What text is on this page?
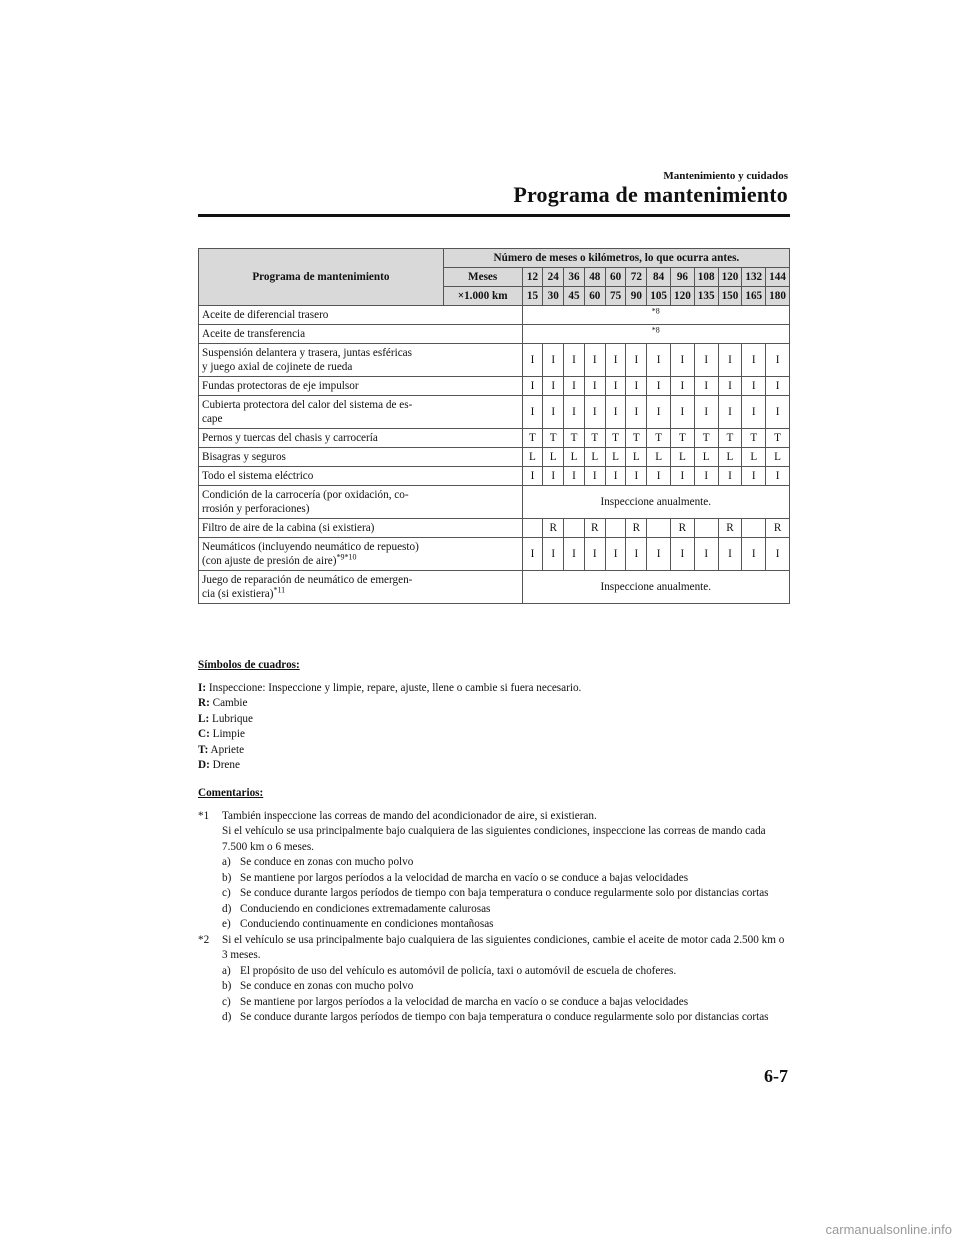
Mantenimiento y cuidados
Programa de mantenimiento
Programa de mantenimiento	Número de meses o kilómetros, lo que ocurra antes.												
	Meses	12	24	36	48	60	72	84	96	108	120	132	144
	×1.000 km	15	30	45	60	75	90	105	120	135	150	165	180
Aceite de diferencial trasero		$^{*8}$
Aceite de transferencia		$^{*8}$
Suspensión delantera y trasera, juntas esféricas
y juego axial de cojinete de rueda		I	I	I	I	I	I	I	I	I	I	I	I
Fundas protectoras de eje impulsor		I	I	I	I	I	I	I	I	I	I	I	I
Cubierta protectora del calor del sistema de es-
cape		I	I	I	I	I	I	I	I	I	I	I	I
Pernos y tuercas del chasis y carrocería		T	T	T	T	T	T	T	T	T	T	T	T
Bisagras y seguros		L	L	L	L	L	L	L	L	L	L	L	L
Todo el sistema eléctrico		I	I	I	I	I	I	I	I	I	I	I	I
Condición de la carrocería (por oxidación, co-
rrosión y perforaciones)		Inspeccione anualmente.											
Filtro de aire de la cabina (si existiera)			R		R		R		R		R		R
Neumáticos (incluyendo neumático de repuesto)
(con ajuste de presión de aire)$^{*9*10}$		I	I	I	I	I	I	I	I	I	I	I	I
Juego de reparación de neumático de emergen-
cia (si existiera)$^{*11}$		Inspeccione anualmente.											
Símbolos de cuadros:
I: Inspeccione: Inspeccione y limpie, repare, ajuste, llene o cambie si fuera necesario.
R: Cambie
L: Lubrique
C: Limpie
T: Apriete
D: Drene
Comentarios:
*1 También inspeccione las correas de mando del acondicionador de aire, si existieran.
Si el vehículo se usa principalmente bajo cualquiera de las siguientes condiciones, inspeccione las correas de mando cada 7.500 km o 6 meses.
a) Se conduce en zonas con mucho polvo
b) Se mantiene por largos períodos a la velocidad de marcha en vacío o se conduce a bajas velocidades
c) Se conduce durante largos períodos de tiempo con baja temperatura o conduce regularmente solo por distancias cortas
d) Conduciendo en condiciones extremadamente calurosas
e) Conduciendo continuamente en condiciones montañosas
*2 Si el vehículo se usa principalmente bajo cualquiera de las siguientes condiciones, cambie el aceite de motor cada 2.500 km o 3 meses.
a) El propósito de uso del vehículo es automóvil de policía, taxi o automóvil de escuela de choferes.
b) Se conduce en zonas con mucho polvo
c) Se mantiene por largos períodos a la velocidad de marcha en vacío o se conduce a bajas velocidades
d) Se conduce durante largos períodos de tiempo con baja temperatura o conduce regularmente solo por distancias cortas
6-7
carmanualsonline.info
